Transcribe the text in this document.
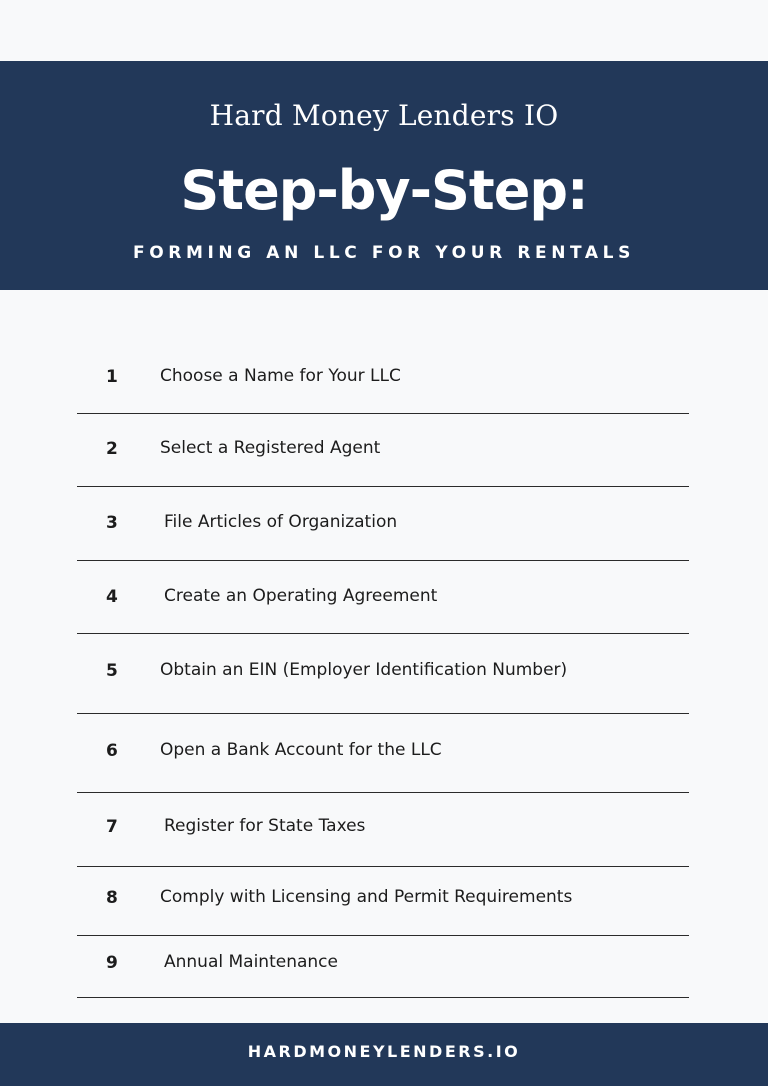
Hard Money Lenders IO
Step-by-Step:
FORMING AN LLC FOR YOUR RENTALS
1 Choose a Name for Your LLC
2 Select a Registered Agent
3	File Articles of Organization
4	Create an Operating Agreement
5 Obtain an EIN (Employer Identification Number)
6 Open a Bank Account for the LLC
7	Register for State Taxes
8 Comply with Licensing and Permit Requirements
9	Annual Maintenance
HARDMONEYLENDERS.IO
